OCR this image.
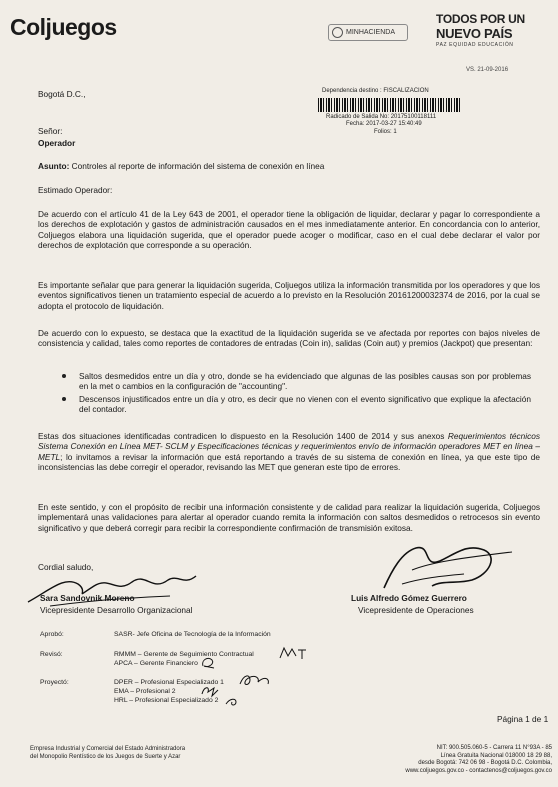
Coljuegos	MINHACIENDA
TODOS POR UN
NUEVO PAÍS
PAZ EQUIDAD EDUCACIÓN
VS. 21-09-2016
Dependencia destino : FISCALIZACION
Radicado de Salida No: 20175100118111
Fecha: 2017-03-27 15:40:49
Folios: 1
Bogotá D.C.,
Señor:
Operador
Asunto: Controles al reporte de información del sistema de conexión en línea
Estimado Operador:

De acuerdo con el artículo 41 de la Ley 643 de 2001, el operador tiene la obligación de liquidar, declarar y pagar lo correspondiente a los derechos de explotación y gastos de administración causados en el mes inmediatamente anterior. En concordancia con lo anterior, Coljuegos elabora una liquidación sugerida, que el operador puede acoger o modificar, caso en el cual debe declarar el valor por derechos de explotación que corresponde a su operación.

Es importante señalar que para generar la liquidación sugerida, Coljuegos utiliza la información transmitida por los operadores y que los eventos significativos tienen un tratamiento especial de acuerdo a lo previsto en la Resolución 20161200032374 de 2016, por la cual se adopta el protocolo de liquidación.

De acuerdo con lo expuesto, se destaca que la exactitud de la liquidación sugerida se ve afectada por reportes con bajos niveles de consistencia y calidad, tales como reportes de contadores de entradas (Coin in), salidas (Coin aut) y premios (Jackpot) que presentan:

Saltos desmedidos entre un día y otro, donde se ha evidenciado que algunas de las posibles causas son por problemas en la met o cambios en la configuración de "accounting".

Descensos injustificados entre un día y otro, es decir que no vienen con el evento significativo que explique la afectación del contador.

Estas dos situaciones identificadas contradicen lo dispuesto en la Resolución 1400 de 2014 y sus anexos Requerimientos técnicos Sistema Conexión en Línea MET- SCLM y Especificaciones técnicas y requerimientos envío de información operadores MET en línea – METL; lo invitamos a revisar la información que está reportando a través de su sistema de conexión en línea, ya que este tipo de inconsistencias las debe corregir el operador, revisando las MET que generan este tipo de errores.

En este sentido, y con el propósito de recibir una información consistente y de calidad para realizar la liquidación sugerida, Coljuegos implementará unas validaciones para alertar al operador cuando remita la información con saltos desmedidos o retrocesos sin evento significativo y que deberá corregir para recibir la correspondiente confirmación de transmisión exitosa.

Cordial saludo,
Sara Sandovnik Moreno
Vicepresidente Desarrollo Organizacional
Luis Alfredo Gómez Guerrero
Vicepresidente de Operaciones
Aprobó:	SASR- Jefe Oficina de Tecnología de la Información
Revisó:	RMMM – Gerente de Seguimiento Contractual
APCA – Gerente Financiero
Proyectó:	DPER – Profesional Especializado 1
EMA – Profesional 2
HRL – Profesional Especializado 2
Página 1 de 1
Empresa Industrial y Comercial del Estado Administradora
del Monopolio Rentístico de los Juegos de Suerte y Azar
NIT: 900.505.060-5 - Carrera 11 N°93A - 85
Línea Gratuita Nacional 018000 18 29 88,
desde Bogotá: 742 06 98 - Bogotá D.C. Colombia,
www.coljuegos.gov.co - contactenos@coljuegos.gov.co
